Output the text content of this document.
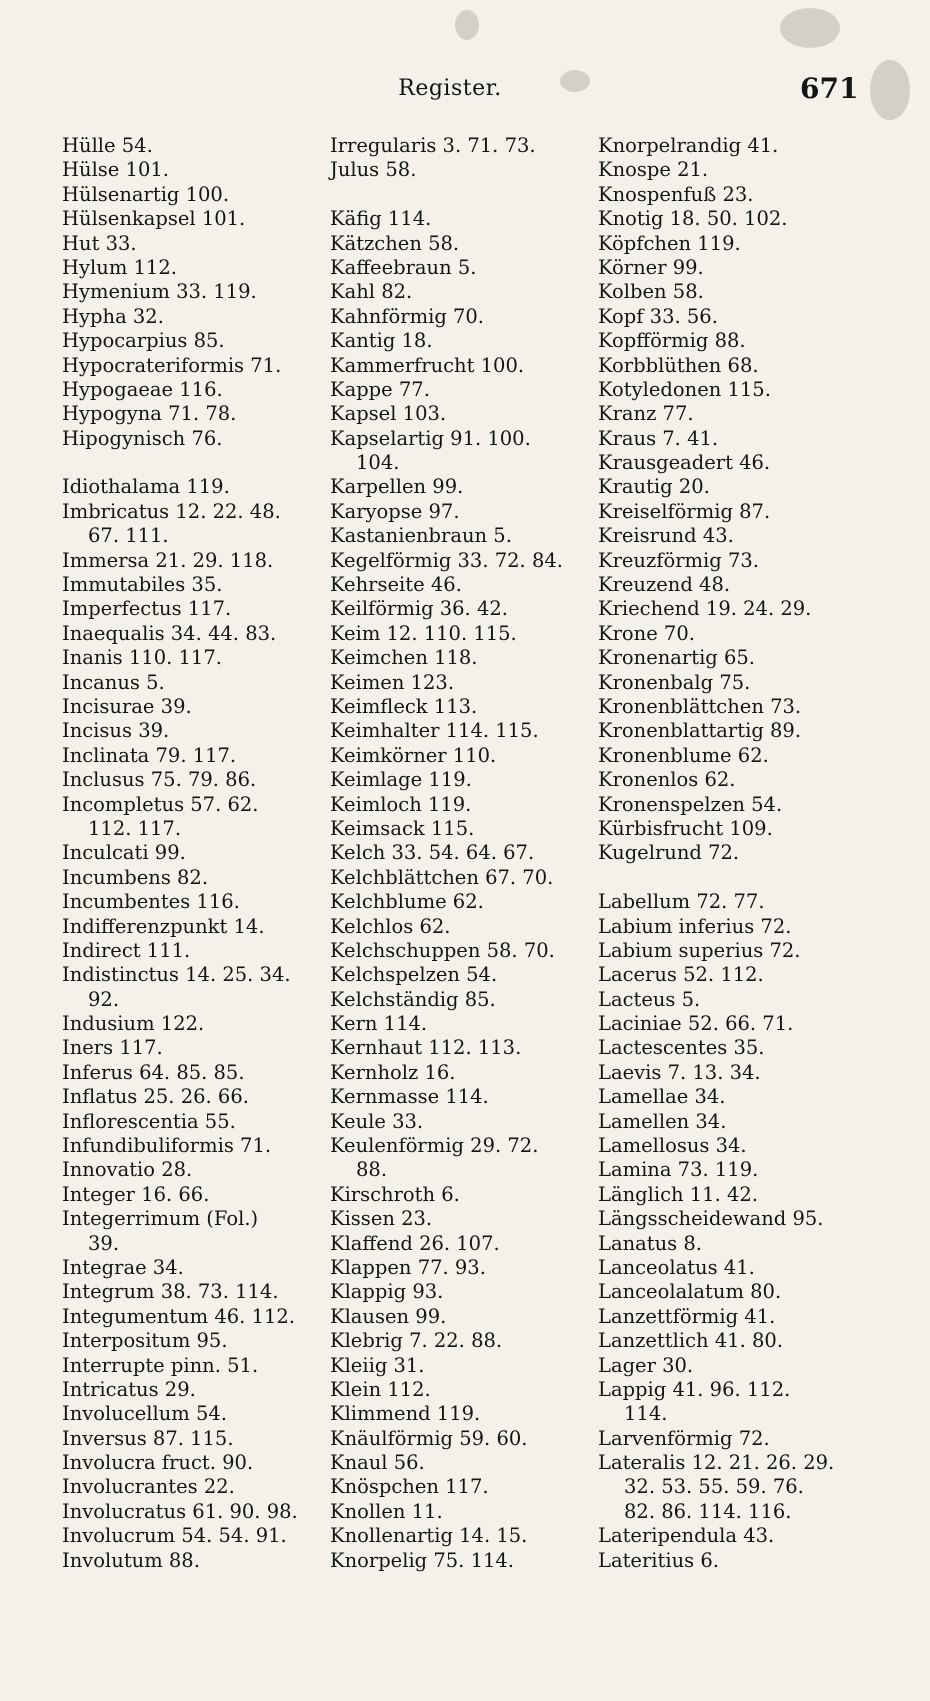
Register.	671
Hülle 54.
Hülse 101.
Hülsenartig 100.
Hülsenkapsel 101.
Hut 33.
Hylum 112.
Hymenium 33. 119.
Hypha 32.
Hypocarpius 85.
Hypocrateriformis 71.
Hypogaeae 116.
Hypogyna 71. 78.
Hipogynisch 76.
Idiothalama 119.
Imbricatus 12. 22. 48.
67. 111.
Immersa 21. 29. 118.
Immutabiles 35.
Imperfectus 117.
Inaequalis 34. 44. 83.
Inanis 110. 117.
Incanus 5.
Incisurae 39.
Incisus 39.
Inclinata 79. 117.
Inclusus 75. 79. 86.
Incompletus 57. 62.
112. 117.
Inculcati 99.
Incumbens 82.
Incumbentes 116.
Indifferenzpunkt 14.
Indirect 111.
Indistinctus 14. 25. 34.
92.
Indusium 122.
Iners 117.
Inferus 64. 85. 85.
Inflatus 25. 26. 66.
Inflorescentia 55.
Infundibuliformis 71.
Innovatio 28.
Integer 16. 66.
Integerrimum (Fol.)
39.
Integrae 34.
Integrum 38. 73. 114.
Integumentum 46. 112.
Interpositum 95.
Interrupte pinn. 51.
Intricatus 29.
Involucellum 54.
Inversus 87. 115.
Involucra fruct. 90.
Involucrantes 22.
Involucratus 61. 90. 98.
Involucrum 54. 54. 91.
Involutum 88.
Irregularis 3. 71. 73.
Julus 58.
Käfig 114.
Kätzchen 58.
Kaffeebraun 5.
Kahl 82.
Kahnförmig 70.
Kantig 18.
Kammerfrucht 100.
Kappe 77.
Kapsel 103.
Kapselartig 91. 100.
104.
Karpellen 99.
Karyopse 97.
Kastanienbraun 5.
Kegelförmig 33. 72. 84.
Kehrseite 46.
Keilförmig 36. 42.
Keim 12. 110. 115.
Keimchen 118.
Keimen 123.
Keimfleck 113.
Keimhalter 114. 115.
Keimkörner 110.
Keimlage 119.
Keimloch 119.
Keimsack 115.
Kelch 33. 54. 64. 67.
Kelchblättchen 67. 70.
Kelchblume 62.
Kelchlos 62.
Kelchschuppen 58. 70.
Kelchspelzen 54.
Kelchständig 85.
Kern 114.
Kernhaut 112. 113.
Kernholz 16.
Kernmasse 114.
Keule 33.
Keulenförmig 29. 72.
88.
Kirschroth 6.
Kissen 23.
Klaffend 26. 107.
Klappen 77. 93.
Klappig 93.
Klausen 99.
Klebrig 7. 22. 88.
Kleiig 31.
Klein 112.
Klimmend 119.
Knäulförmig 59. 60.
Knaul 56.
Knöspchen 117.
Knollen 11.
Knollenartig 14. 15.
Knorpelig 75. 114.
Knorpelrandig 41.
Knospe 21.
Knospenfuß 23.
Knotig 18. 50. 102.
Köpfchen 119.
Körner 99.
Kolben 58.
Kopf 33. 56.
Kopfförmig 88.
Korbblüthen 68.
Kotyledonen 115.
Kranz 77.
Kraus 7. 41.
Krausgeadert 46.
Krautig 20.
Kreiselförmig 87.
Kreisrund 43.
Kreuzförmig 73.
Kreuzend 48.
Kriechend 19. 24. 29.
Krone 70.
Kronenartig 65.
Kronenbalg 75.
Kronenblättchen 73.
Kronenblattartig 89.
Kronenblume 62.
Kronenlos 62.
Kronenspelzen 54.
Kürbisfrucht 109.
Kugelrund 72.
Labellum 72. 77.
Labium inferius 72.
Labium superius 72.
Lacerus 52. 112.
Lacteus 5.
Laciniae 52. 66. 71.
Lactescentes 35.
Laevis 7. 13. 34.
Lamellae 34.
Lamellen 34.
Lamellosus 34.
Lamina 73. 119.
Länglich 11. 42.
Längsscheidewand 95.
Lanatus 8.
Lanceolatus 41.
Lanceolalatum 80.
Lanzettförmig 41.
Lanzettlich 41. 80.
Lager 30.
Lappig 41. 96. 112.
114.
Larvenförmig 72.
Lateralis 12. 21. 26. 29.
32. 53. 55. 59. 76.
82. 86. 114. 116.
Lateripendula 43.
Lateritius 6.
